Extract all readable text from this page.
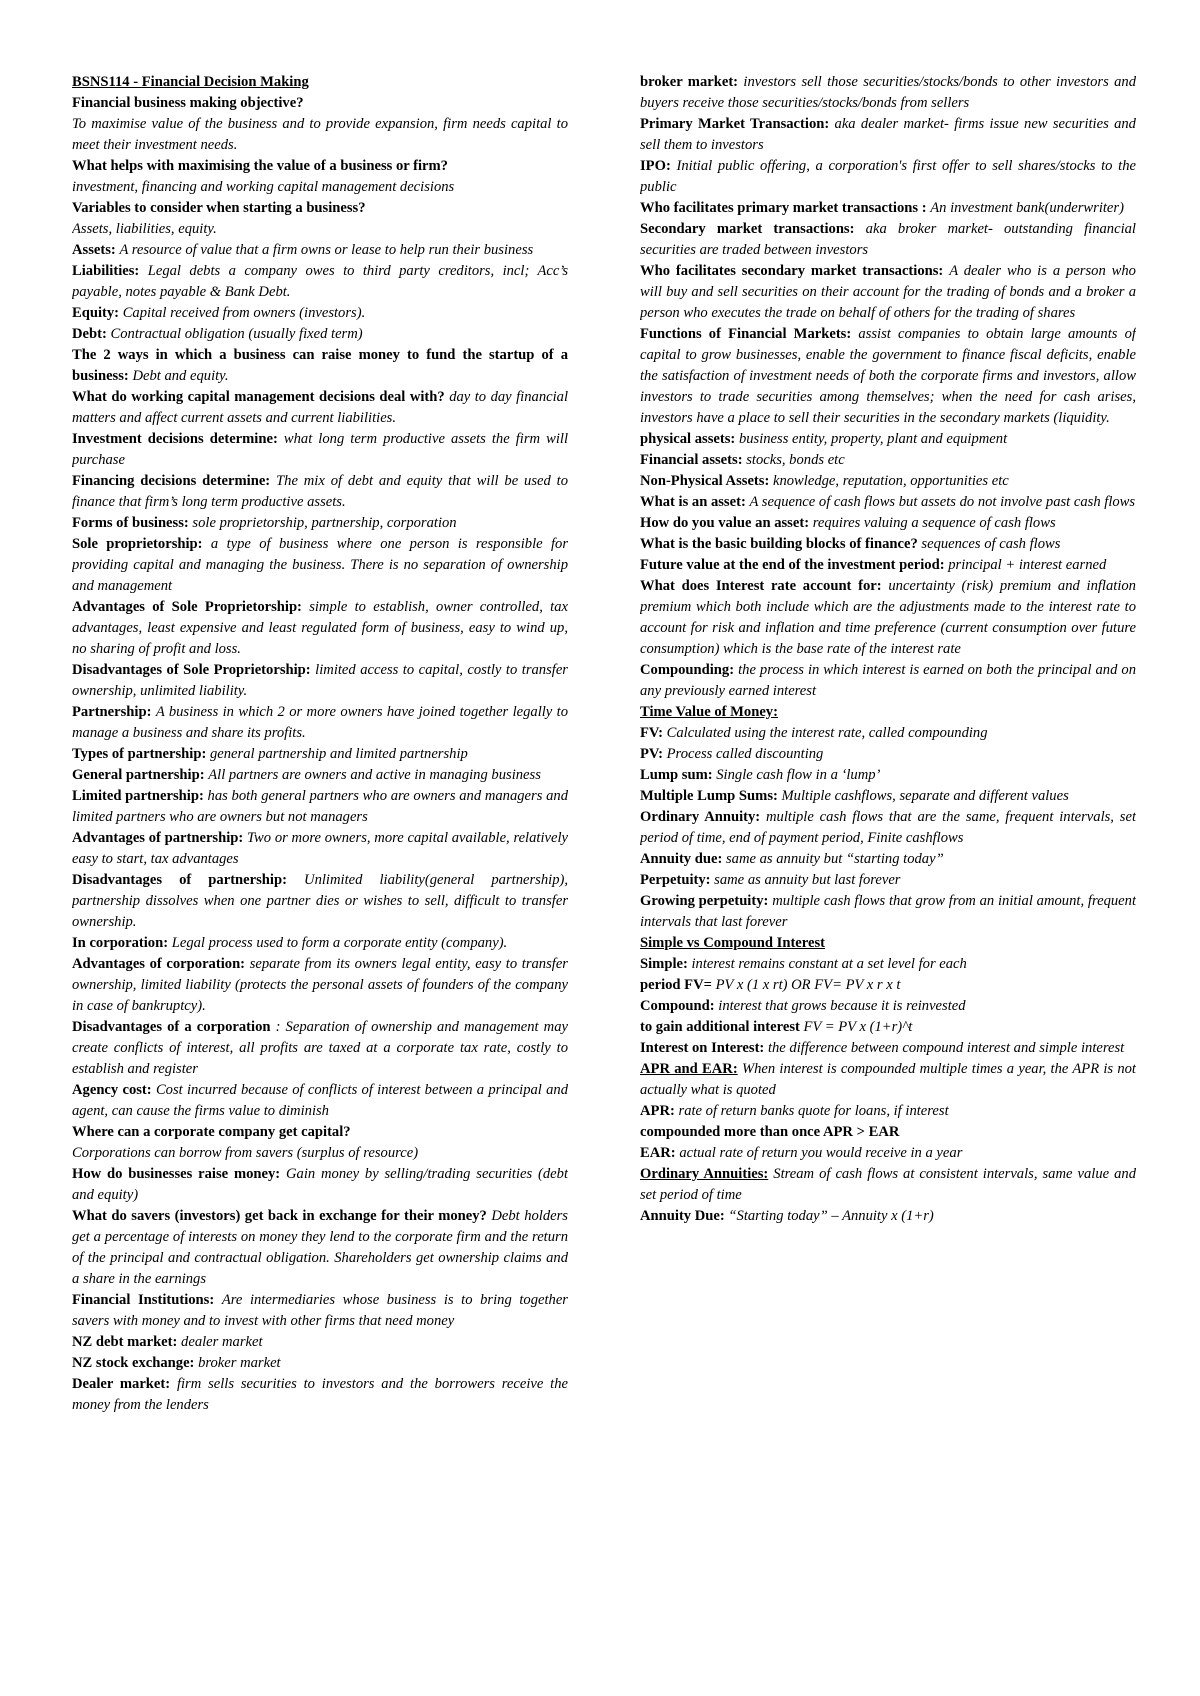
BSNS114 - Financial Decision Making

Financial business making objective?

To maximise value of the business and to provide expansion, firm needs capital to meet their investment needs.

What helps with maximising the value of a business or firm?

investment, financing and working capital management decisions

Variables to consider when starting a business?

Assets, liabilities, equity.

Assets: A resource of value that a firm owns or lease to help run their business

Liabilities: Legal debts a company owes to third party creditors, incl; Acc’s payable, notes payable & Bank Debt.

Equity: Capital received from owners (investors).

Debt: Contractual obligation (usually fixed term)

The 2 ways in which a business can raise money to fund the startup of a business: Debt and equity.

What do working capital management decisions deal with? day to day financial matters and affect current assets and current liabilities.

Investment decisions determine: what long term productive assets the firm will purchase

Financing decisions determine: The mix of debt and equity that will be used to finance that firm’s long term productive assets.

Forms of business: sole proprietorship, partnership, corporation

Sole proprietorship: a type of business where one person is responsible for providing capital and managing the business. There is no separation of ownership and management

Advantages of Sole Proprietorship: simple to establish, owner controlled, tax advantages, least expensive and least regulated form of business, easy to wind up, no sharing of profit and loss.

Disadvantages of Sole Proprietorship: limited access to capital, costly to transfer ownership, unlimited liability.

Partnership: A business in which 2 or more owners have joined together legally to manage a business and share its profits.

Types of partnership: general partnership and limited partnership

General partnership: All partners are owners and active in managing business

Limited partnership: has both general partners who are owners and managers and limited partners who are owners but not managers

Advantages of partnership: Two or more owners, more capital available, relatively easy to start, tax advantages

Disadvantages of partnership: Unlimited liability(general partnership), partnership dissolves when one partner dies or wishes to sell, difficult to transfer ownership.

In corporation: Legal process used to form a corporate entity (company).

Advantages of corporation: separate from its owners legal entity, easy to transfer ownership, limited liability (protects the personal assets of founders of the company in case of bankruptcy).

Disadvantages of a corporation : Separation of ownership and management may create conflicts of interest, all profits are taxed at a corporate tax rate, costly to establish and register

Agency cost: Cost incurred because of conflicts of interest between a principal and agent, can cause the firms value to diminish

Where can a corporate company get capital?

Corporations can borrow from savers (surplus of resource)

How do businesses raise money: Gain money by selling/trading securities (debt and equity)

What do savers (investors) get back in exchange for their money? Debt holders get a percentage of interests on money they lend to the corporate firm and the return of the principal and contractual obligation. Shareholders get ownership claims and a share in the earnings

Financial Institutions: Are intermediaries whose business is to bring together savers with money and to invest with other firms that need money

NZ debt market: dealer market

NZ stock exchange: broker market

Dealer market: firm sells securities to investors and the borrowers receive the money from the lenders

broker market: investors sell those securities/stocks/bonds to other investors and buyers receive those securities/stocks/bonds from sellers

Primary Market Transaction: aka dealer market- firms issue new securities and sell them to investors

IPO: Initial public offering, a corporation's first offer to sell shares/stocks to the public

Who facilitates primary market transactions : An investment bank(underwriter)

Secondary market transactions: aka broker market- outstanding financial securities are traded between investors

Who facilitates secondary market transactions: A dealer who is a person who will buy and sell securities on their account for the trading of bonds and a broker a person who executes the trade on behalf of others for the trading of shares

Functions of Financial Markets: assist companies to obtain large amounts of capital to grow businesses, enable the government to finance fiscal deficits, enable the satisfaction of investment needs of both the corporate firms and investors, allow investors to trade securities among themselves; when the need for cash arises, investors have a place to sell their securities in the secondary markets (liquidity.

physical assets: business entity, property, plant and equipment

Financial assets: stocks, bonds etc

Non-Physical Assets: knowledge, reputation, opportunities etc

What is an asset: A sequence of cash flows but assets do not involve past cash flows

How do you value an asset: requires valuing a sequence of cash flows

What is the basic building blocks of finance? sequences of cash flows

Future value at the end of the investment period: principal + interest earned

What does Interest rate account for: uncertainty (risk) premium and inflation premium which both include which are the adjustments made to the interest rate to account for risk and inflation and time preference (current consumption over future consumption) which is the base rate of the interest rate

Compounding: the process in which interest is earned on both the principal and on any previously earned interest

Time Value of Money:

FV: Calculated using the interest rate, called compounding

PV: Process called discounting

Lump sum: Single cash flow in a ‘lump’

Multiple Lump Sums: Multiple cashflows, separate and different values

Ordinary Annuity: multiple cash flows that are the same, frequent intervals, set period of time, end of payment period, Finite cashflows

Annuity due: same as annuity but “starting today”

Perpetuity: same as annuity but last forever

Growing perpetuity: multiple cash flows that grow from an initial amount, frequent intervals that last forever

Simple vs Compound Interest

Simple: interest remains constant at a set level for each

period FV= PV x (1 x rt) OR FV= PV x r x t

Compound: interest that grows because it is reinvested

to gain additional interest FV = PV x (1+r)^t

Interest on Interest: the difference between compound interest and simple interest

APR and EAR: When interest is compounded multiple times a year, the APR is not actually what is quoted

APR: rate of return banks quote for loans, if interest

compounded more than once APR > EAR

EAR: actual rate of return you would receive in a year

Ordinary Annuities: Stream of cash flows at consistent intervals, same value and set period of time

Annuity Due: “Starting today” – Annuity x (1+r)
